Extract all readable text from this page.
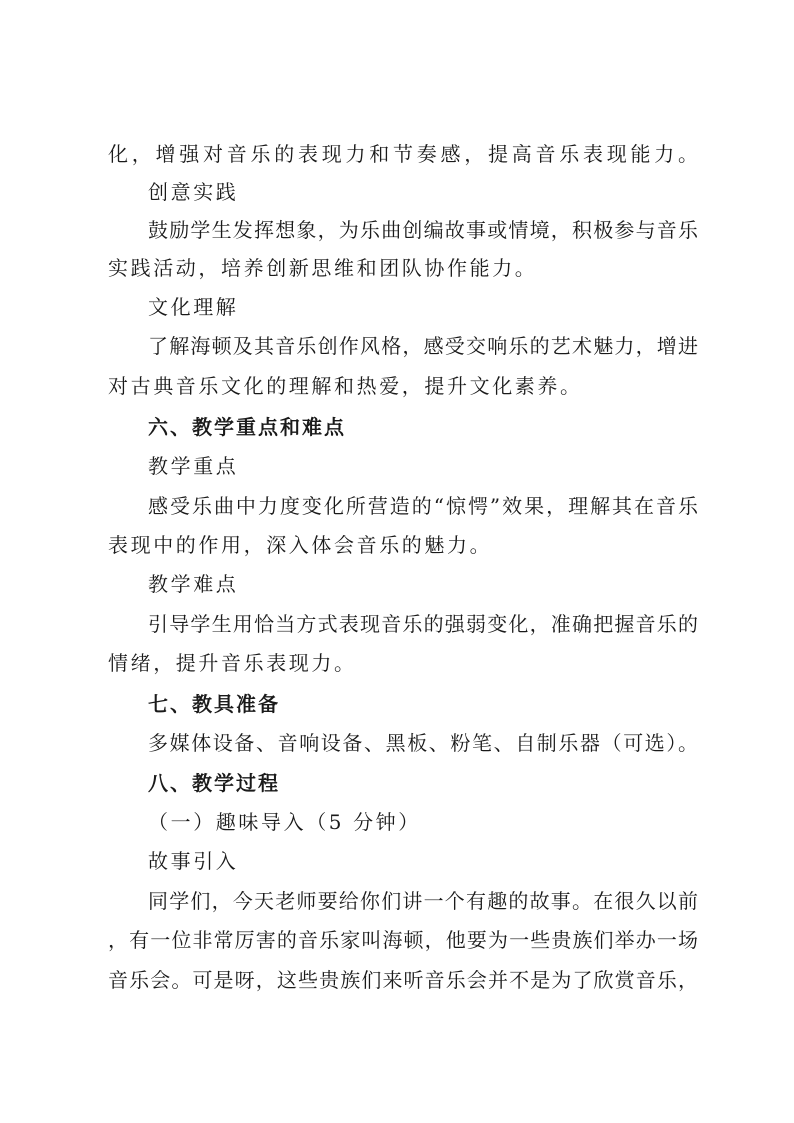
化，增强对音乐的表现力和节奏感，提高音乐表现能力。
创意实践
鼓励学生发挥想象，为乐曲创编故事或情境，积极参与音乐
实践活动，培养创新思维和团队协作能力。
文化理解
了解海顿及其音乐创作风格，感受交响乐的艺术魅力，增进
对古典音乐文化的理解和热爱，提升文化素养。
六、教学重点和难点
教学重点
感受乐曲中力度变化所营造的“惊愕”效果，理解其在音乐
表现中的作用，深入体会音乐的魅力。
教学难点
引导学生用恰当方式表现音乐的强弱变化，准确把握音乐的
情绪，提升音乐表现力。
七、教具准备
多媒体设备、音响设备、黑板、粉笔、自制乐器（可选）。
八、教学过程
（一）趣味导入（5 分钟）
故事引入
同学们，今天老师要给你们讲一个有趣的故事。在很久以前
，有一位非常厉害的音乐家叫海顿，他要为一些贵族们举办一场
音乐会。可是呀，这些贵族们来听音乐会并不是为了欣赏音乐，
